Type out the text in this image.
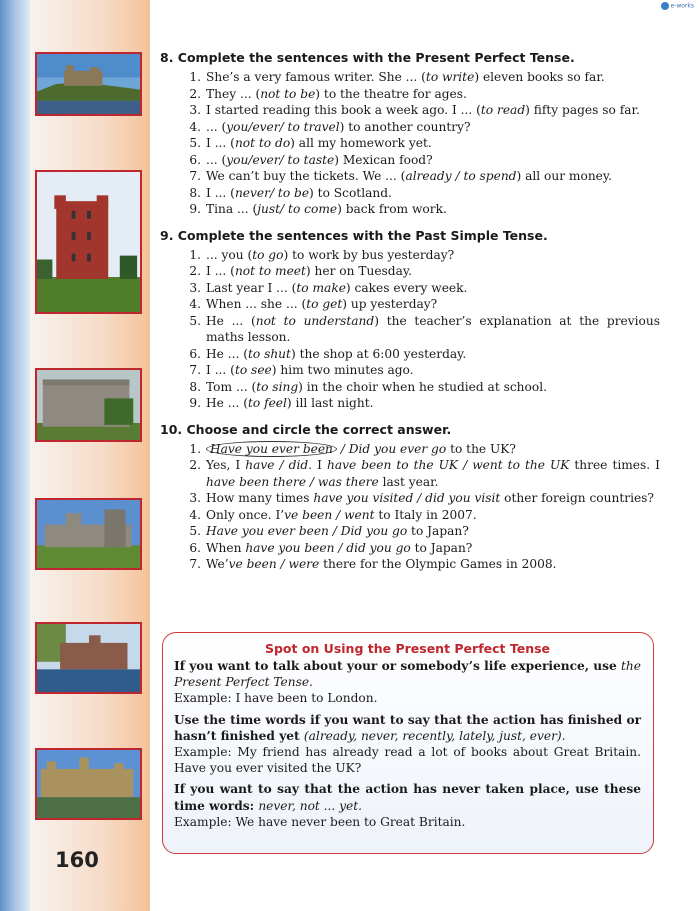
e-works
160
8. Complete the sentences with the Present Perfect Tense.
1. She’s a very famous writer. She ... (to write) eleven books so far.
2. They ... (not to be) to the theatre for ages.
3. I started reading this book a week ago. I ... (to read) fifty pages so far.
4. ... (you/ever/ to travel) to another country?
5. I ... (not to do) all my homework yet.
6. ... (you/ever/ to taste) Mexican food?
7. We can’t buy the tickets. We ... (already / to spend) all our money.
8. I ... (never/ to be) to Scotland.
9. Tina ... (just/ to come) back from work.
9. Complete the sentences with the Past Simple Tense.
1. ... you (to go) to work by bus yesterday?
2. I ... (not to meet) her on Tuesday.
3. Last year I ... (to make) cakes every week.
4. When ... she ... (to get) up yesterday?
5. He ... (not to understand) the teacher’s explanation at the previous maths lesson.
6. He ... (to shut) the shop at 6:00 yesterday.
7. I ... (to see) him two minutes ago.
8. Tom ... (to sing) in the choir when he studied at school.
9. He ... (to feel) ill last night.
10. Choose and circle the correct answer.
1. Have you ever been / Did you ever go to the UK?
2. Yes, I have / did. I have been to the UK / went to the UK three times. I have been there / was there last year.
3. How many times have you visited / did you visit other foreign countries?
4. Only once. I’ve been / went to Italy in 2007.
5. Have you ever been / Did you go to Japan?
6. When have you been / did you go to Japan?
7. We’ve been / were there for the Olympic Games in 2008.
Spot on Using the Present Perfect Tense

If you want to talk about your or somebody’s life experience, use the Present Perfect Tense.

Example: I have been to London.

Use the time words if you want to say that the action has finished or hasn’t finished yet (already, never, recently, lately, just, ever).

Example: My friend has already read a lot of books about Great Britain. Have you ever visited the UK?

If you want to say that the action has never taken place, use these time words: never, not ... yet.

Example: We have never been to Great Britain.
